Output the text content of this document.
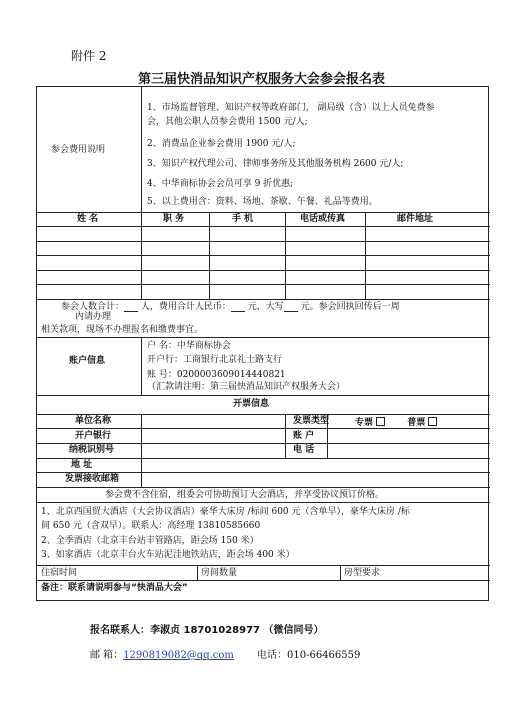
附件 2
第三届快消品知识产权服务大会参会报名表
参会费用说明
1、市场监督管理、知识产权等政府部门， 副局级（含）以上人员免费参
会，其他公职人员参会费用 1500 元/人;
2、消费品企业参会费用 1900 元/人;
3、知识产权代理公司、律师事务所及其他服务机构 2600 元/人;
4、中华商标协会会员可享 9 折优惠;
5、以上费用含：资料、场地、茶歇、午餐、礼品等费用。
姓 名	职 务	手 机	电话或传真	邮件地址
参会人数合计： 人，费用合计人民币： 元，大写 元。参会回执回传后一周
内请办理
相关款项，现场不办理报名和缴费事宜。
账户信息
户 名：中华商标协会
开户行：工商银行北京礼士路支行
账 号：0200003609014440821
（汇款请注明：第三届快消品知识产权服务大会）
开票信息
单位名称	发票类型	专票	普票
开户银行	账 户
纳税识别号	电 话
地 址
发票接收邮箱
参会费不含住宿，组委会可协助预订大会酒店，并享受协议预订价格。
1、北京西国贸大酒店（大会协议酒店）豪华大床房 /标间 600 元（含单早），豪华大床房 /标
间 650 元（含双早）。联系人：高经理 13810585660
2、全季酒店（北京丰台站丰管路店，距会场 150 米）
3、如家酒店（北京丰台火车站泥洼地铁站店，距会场 400 米）
住宿时间	房间数量	房型要求
备注：联系请说明参与“快消品大会”
报名联系人：李淑贞 18701028977 （微信同号）
邮 箱：1290819082@qq.com 电话：010-66466559
